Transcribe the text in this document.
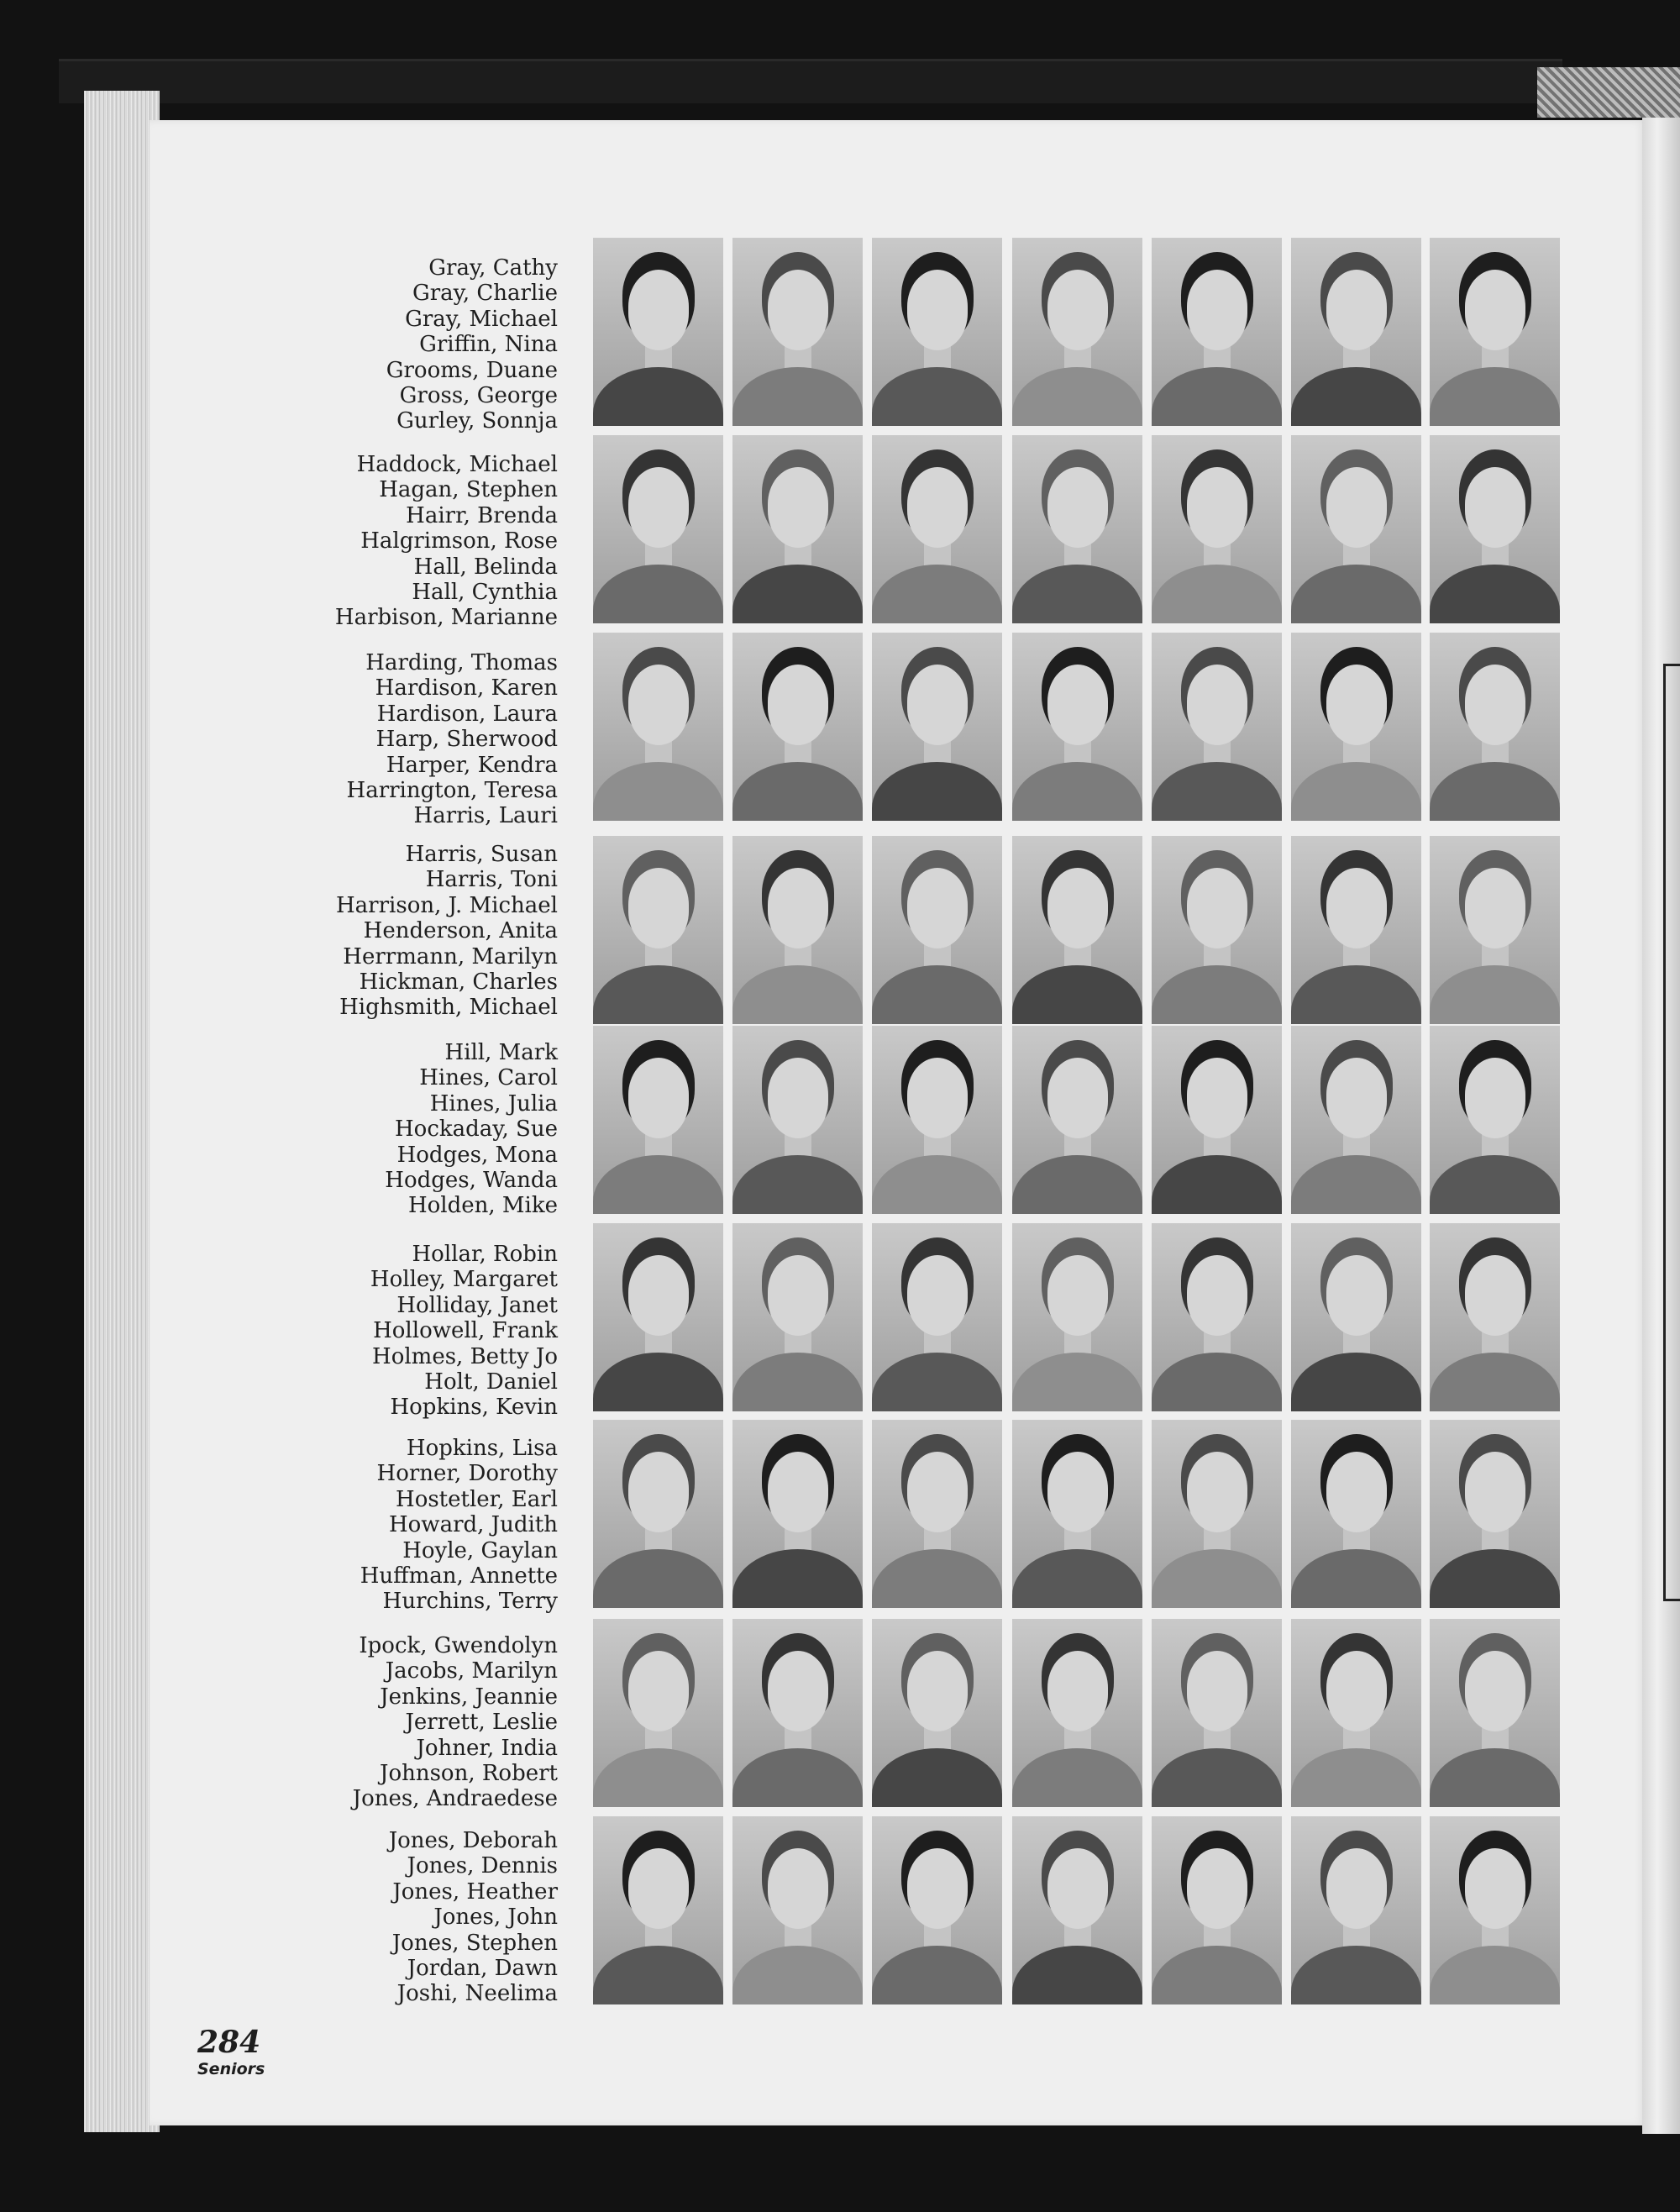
Gray, Cathy
Gray, Charlie
Gray, Michael
Griffin, Nina
Grooms, Duane
Gross, George
Gurley, Sonnja
Haddock, Michael
Hagan, Stephen
Hairr, Brenda
Halgrimson, Rose
Hall, Belinda
Hall, Cynthia
Harbison, Marianne
Harding, Thomas
Hardison, Karen
Hardison, Laura
Harp, Sherwood
Harper, Kendra
Harrington, Teresa
Harris, Lauri
Harris, Susan
Harris, Toni
Harrison, J. Michael
Henderson, Anita
Herrmann, Marilyn
Hickman, Charles
Highsmith, Michael
Hill, Mark
Hines, Carol
Hines, Julia
Hockaday, Sue
Hodges, Mona
Hodges, Wanda
Holden, Mike
Hollar, Robin
Holley, Margaret
Holliday, Janet
Hollowell, Frank
Holmes, Betty Jo
Holt, Daniel
Hopkins, Kevin
Hopkins, Lisa
Horner, Dorothy
Hostetler, Earl
Howard, Judith
Hoyle, Gaylan
Huffman, Annette
Hurchins, Terry
Ipock, Gwendolyn
Jacobs, Marilyn
Jenkins, Jeannie
Jerrett, Leslie
Johner, India
Johnson, Robert
Jones, Andraedese
Jones, Deborah
Jones, Dennis
Jones, Heather
Jones, John
Jones, Stephen
Jordan, Dawn
Joshi, Neelima
284
Seniors
